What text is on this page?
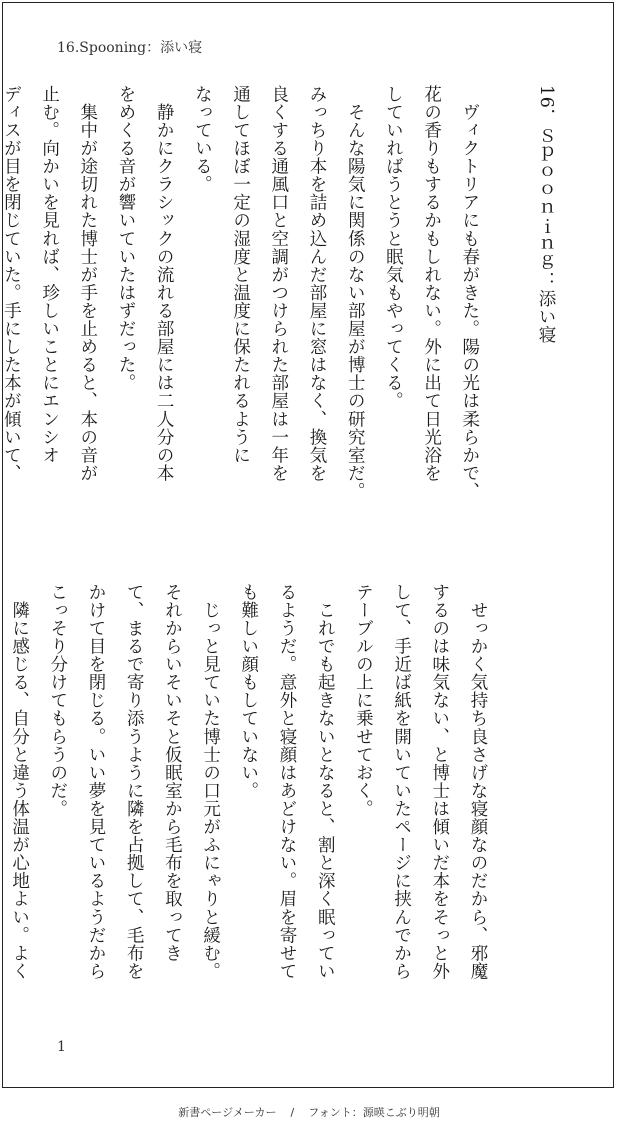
16.Spooning：添い寝

16．Ｓｐｏｏｎｉｎｇ：添い寝

　ヴィクトリアにも春がきた。陽の光は柔らかで、

花の香りもするかもしれない。外に出て日光浴を

していればうとうと眠気もやってくる。

　そんな陽気に関係のない部屋が博士の研究室だ。

みっちり本を詰め込んだ部屋に窓はなく、換気を

良くする通風口と空調がつけられた部屋は一年を

通してほぼ一定の湿度と温度に保たれるように

なっている。

　静かにクラシックの流れる部屋には二人分の本

をめくる音が響いていたはずだった。

　集中が途切れた博士が手を止めると、本の音が

止む。向かいを見れば、珍しいことにエンシオ

ディスが目を閉じていた。手にした本が傾いて、

　せっかく気持ち良さげな寝顔なのだから、邪魔

するのは味気ない、と博士は傾いだ本をそっと外

して、手近ば紙を開いていたページに挟んでから

テーブルの上に乗せておく。

　これでも起きないとなると、割と深く眠ってい

るようだ。意外と寝顔はあどけない。眉を寄せて

も難しい顔もしていない。

　じっと見ていた博士の口元がふにゃりと緩む。

それからいそいそと仮眠室から毛布を取ってき

て、まるで寄り添うように隣を占拠して、毛布を

かけて目を閉じる。いい夢を見ているようだから

こっそり分けてもらうのだ。

　隣に感じる、自分と違う体温が心地よい。よく

1
新書ページメーカー / フォント：源暎こぶり明朝
